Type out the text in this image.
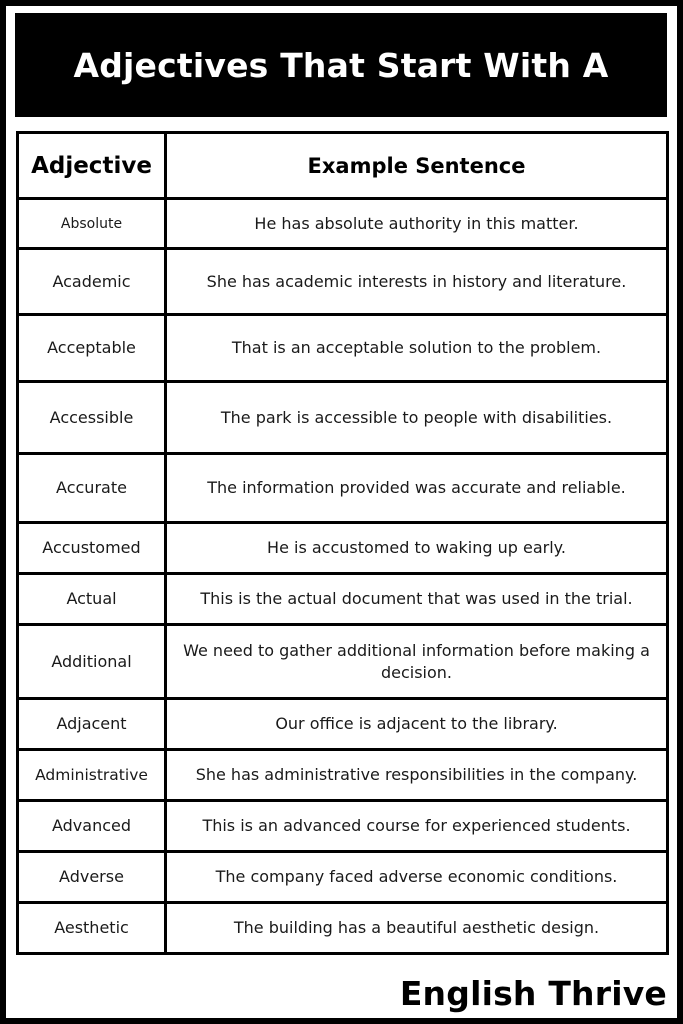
Adjectives That Start With A
Adjective	Example Sentence
Absolute	He has absolute authority in this matter.
Academic	She has academic interests in history and literature.
Acceptable	That is an acceptable solution to the problem.
Accessible	The park is accessible to people with disabilities.
Accurate	The information provided was accurate and reliable.
Accustomed	He is accustomed to waking up early.
Actual	This is the actual document that was used in the trial.
Additional	We need to gather additional information before making a decision.
Adjacent	Our office is adjacent to the library.
Administrative	She has administrative responsibilities in the company.
Advanced	This is an advanced course for experienced students.
Adverse	The company faced adverse economic conditions.
Aesthetic	The building has a beautiful aesthetic design.
English Thrive
